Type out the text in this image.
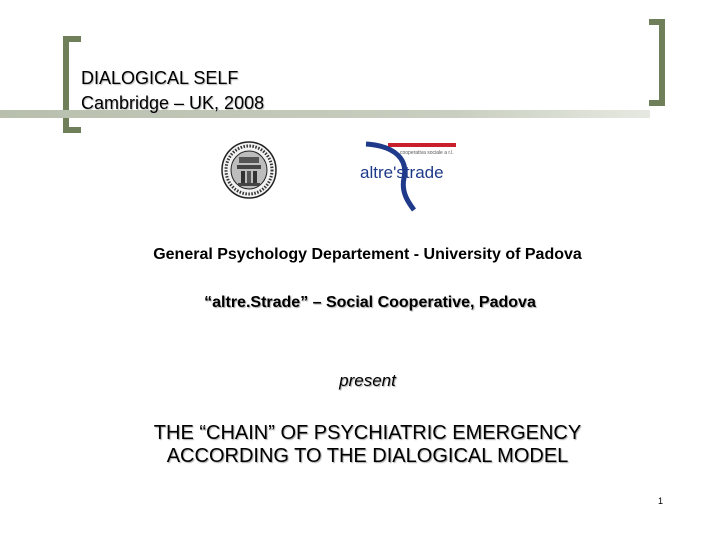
DIALOGICAL SELF
Cambridge – UK, 2008
cooperativa sociale a r.l.
altre'strade
General Psychology Departement - University of Padova
“altre.Strade” – Social Cooperative, Padova
present
THE “CHAIN” OF PSYCHIATRIC EMERGENCY
ACCORDING TO THE DIALOGICAL MODEL
1
